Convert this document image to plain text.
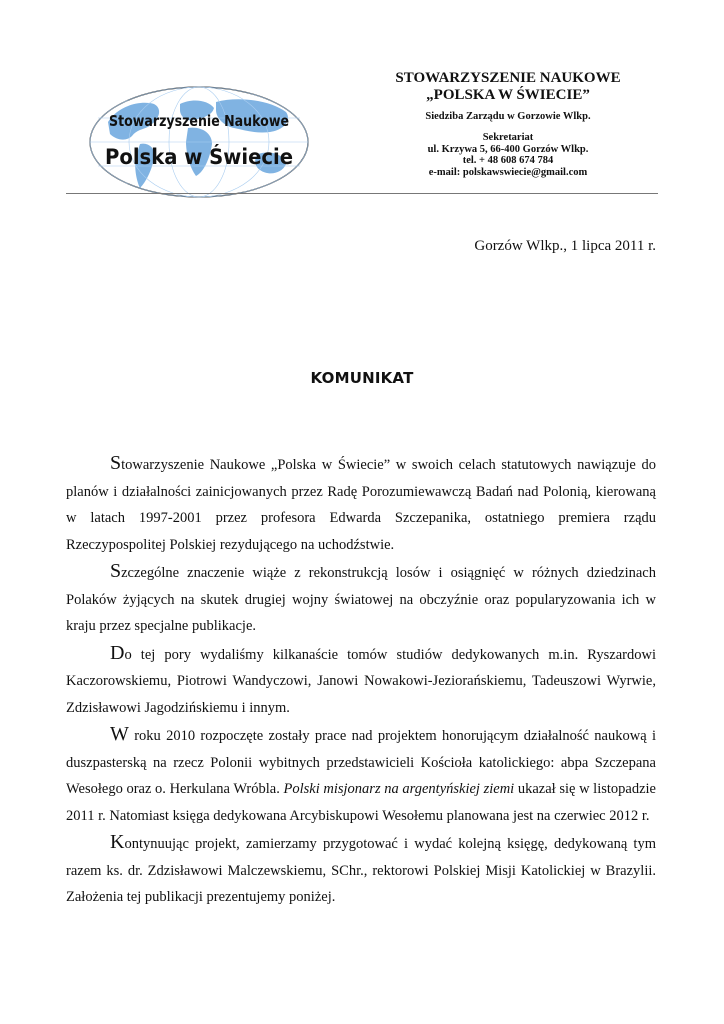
Stowarzyszenie Naukowe
Polska w Świecie
STOWARZYSZENIE NAUKOWE
„POLSKA W ŚWIECIE”
Siedziba Zarządu w Gorzowie Wlkp.
Sekretariat
ul. Krzywa 5, 66-400 Gorzów Wlkp.
tel. + 48 608 674 784
e-mail: polskawswiecie@gmail.com
Gorzów Wlkp., 1 lipca 2011 r.
KOMUNIKAT

Stowarzyszenie Naukowe „Polska w Świecie” w swoich celach statutowych nawiązuje do planów i działalności zainicjowanych przez Radę Porozumiewawczą Badań nad Polonią, kierowaną w latach 1997-2001 przez profesora Edwarda Szczepanika, ostatniego premiera rządu Rzeczypospolitej Polskiej rezydującego na uchodźstwie.

Szczególne znaczenie wiąże z rekonstrukcją losów i osiągnięć w różnych dziedzinach Polaków żyjących na skutek drugiej wojny światowej na obczyźnie oraz popularyzowania ich w kraju przez specjalne publikacje.

Do tej pory wydaliśmy kilkanaście tomów studiów dedykowanych m.in. Ryszardowi Kaczorowskiemu, Piotrowi Wandyczowi, Janowi Nowakowi-Jeziorańskiemu, Tadeuszowi Wyrwie, Zdzisławowi Jagodzińskiemu i innym.

W roku 2010 rozpoczęte zostały prace nad projektem honorującym działalność naukową i duszpasterską na rzecz Polonii wybitnych przedstawicieli Kościoła katolickiego: abpa Szczepana Wesołego oraz o. Herkulana Wróbla. Polski misjonarz na argentyńskiej ziemi ukazał się w listopadzie 2011 r. Natomiast księga dedykowana Arcybiskupowi Wesołemu planowana jest na czerwiec 2012 r.

Kontynuując projekt, zamierzamy przygotować i wydać kolejną księgę, dedykowaną tym razem ks. dr. Zdzisławowi Malczewskiemu, SChr., rektorowi Polskiej Misji Katolickiej w Brazylii. Założenia tej publikacji prezentujemy poniżej.
